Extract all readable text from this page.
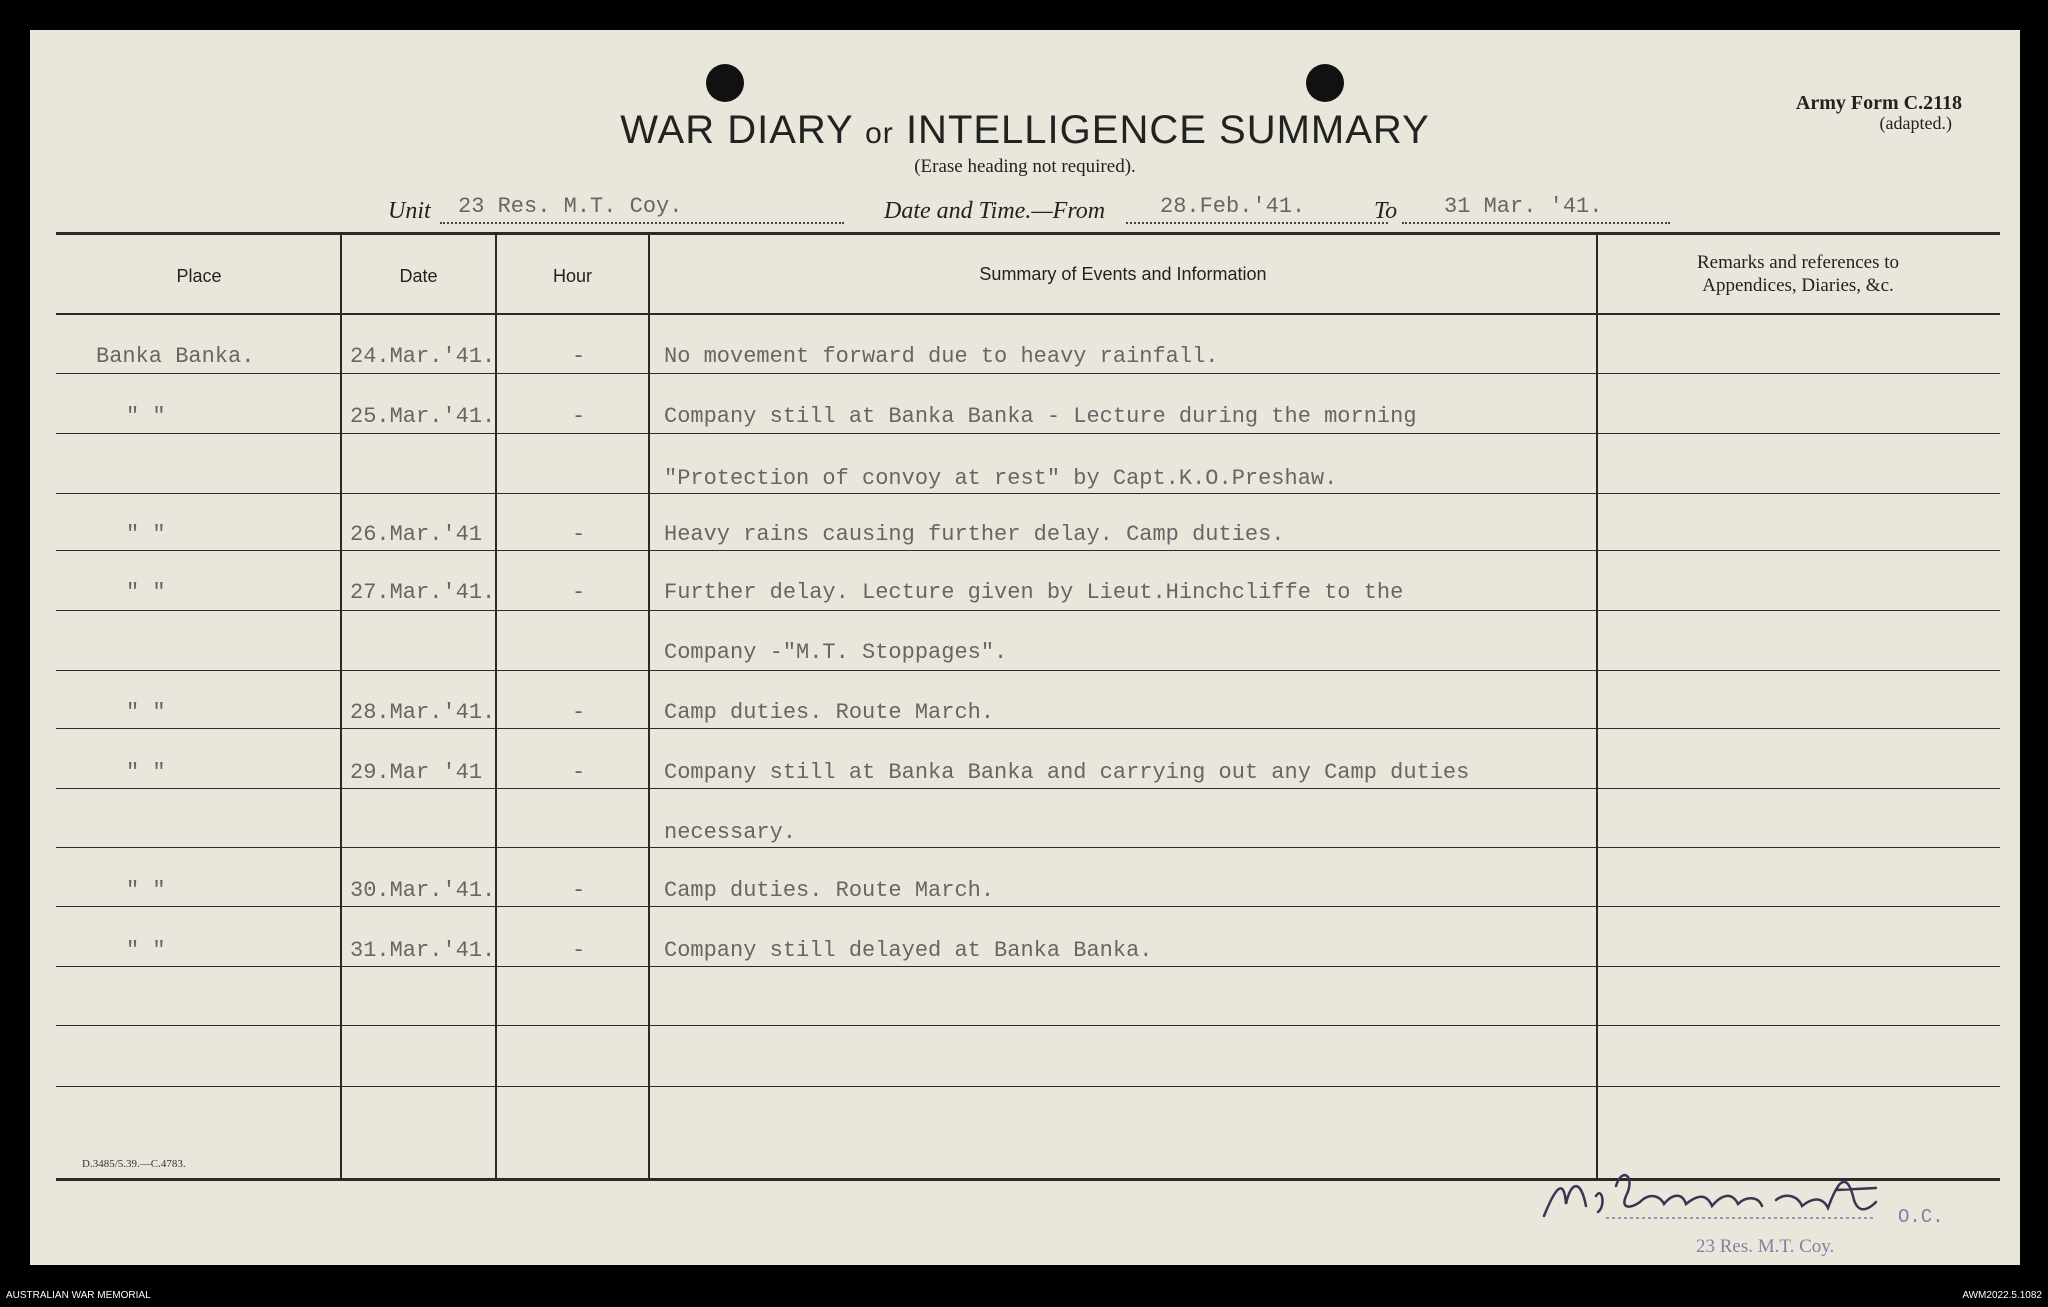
WAR DIARY or INTELLIGENCE SUMMARY
(Erase heading not required).
Army Form C.2118
(adapted.)
Unit 23 Res. M.T. Coy.	Date and Time.—From 28.Feb.'41.	To 31 Mar. '41.
Place	Date	Hour	Summary of Events and Information
Remarks and references to
Appendices, Diaries, &c.
Banka Banka.	24.Mar.'41.	-	No movement forward due to heavy rainfall.
" "	25.Mar.'41.	-	Company still at Banka Banka - Lecture during the morning
"Protection of convoy at rest" by Capt.K.O.Preshaw.
" "	26.Mar.'41	-	Heavy rains causing further delay. Camp duties.
" "	27.Mar.'41.	-	Further delay. Lecture given by Lieut.Hinchcliffe to the
Company -"M.T. Stoppages".
" "	28.Mar.'41.	-	Camp duties. Route March.
" "	29.Mar '41	-	Company still at Banka Banka and carrying out any Camp duties
necessary.
" "	30.Mar.'41.	-	Camp duties. Route March.
" "	31.Mar.'41.	-	Company still delayed at Banka Banka.
D.3485/5.39.—C.4783.
O.C.
23 Res. M.T. Coy.
AUSTRALIAN WAR MEMORIAL	AWM2022.5.1082
